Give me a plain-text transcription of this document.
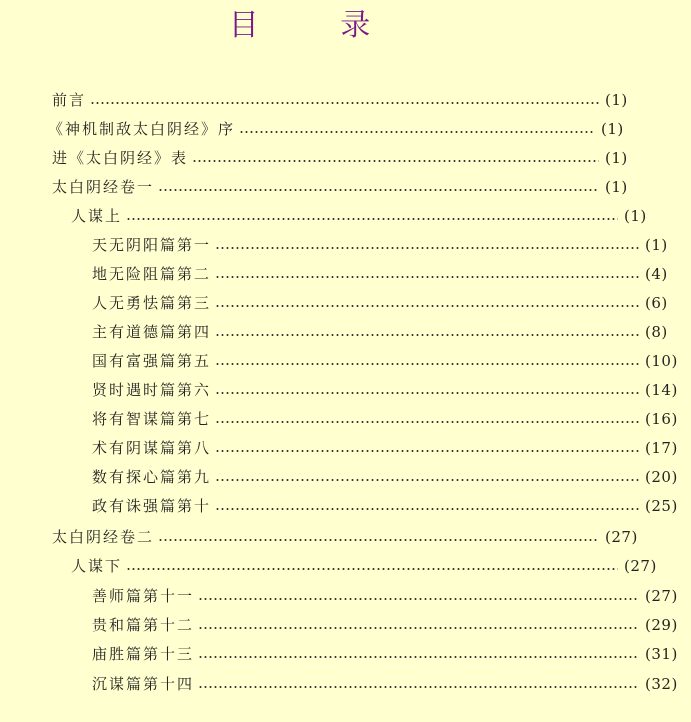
目 录
前言	(1)
《神机制敌太白阴经》序	(1)
进《太白阴经》表	(1)
太白阴经卷一	(1)
人谋上	(1)
天无阴阳篇第一	(1)
地无险阻篇第二	(4)
人无勇怯篇第三	(6)
主有道德篇第四	(8)
国有富强篇第五	(10)
贤时遇时篇第六	(14)
将有智谋篇第七	(16)
术有阴谋篇第八	(17)
数有探心篇第九	(20)
政有诛强篇第十	(25)
太白阴经卷二	(27)
人谋下	(27)
善师篇第十一	(27)
贵和篇第十二	(29)
庙胜篇第十三	(31)
沉谋篇第十四	(32)
